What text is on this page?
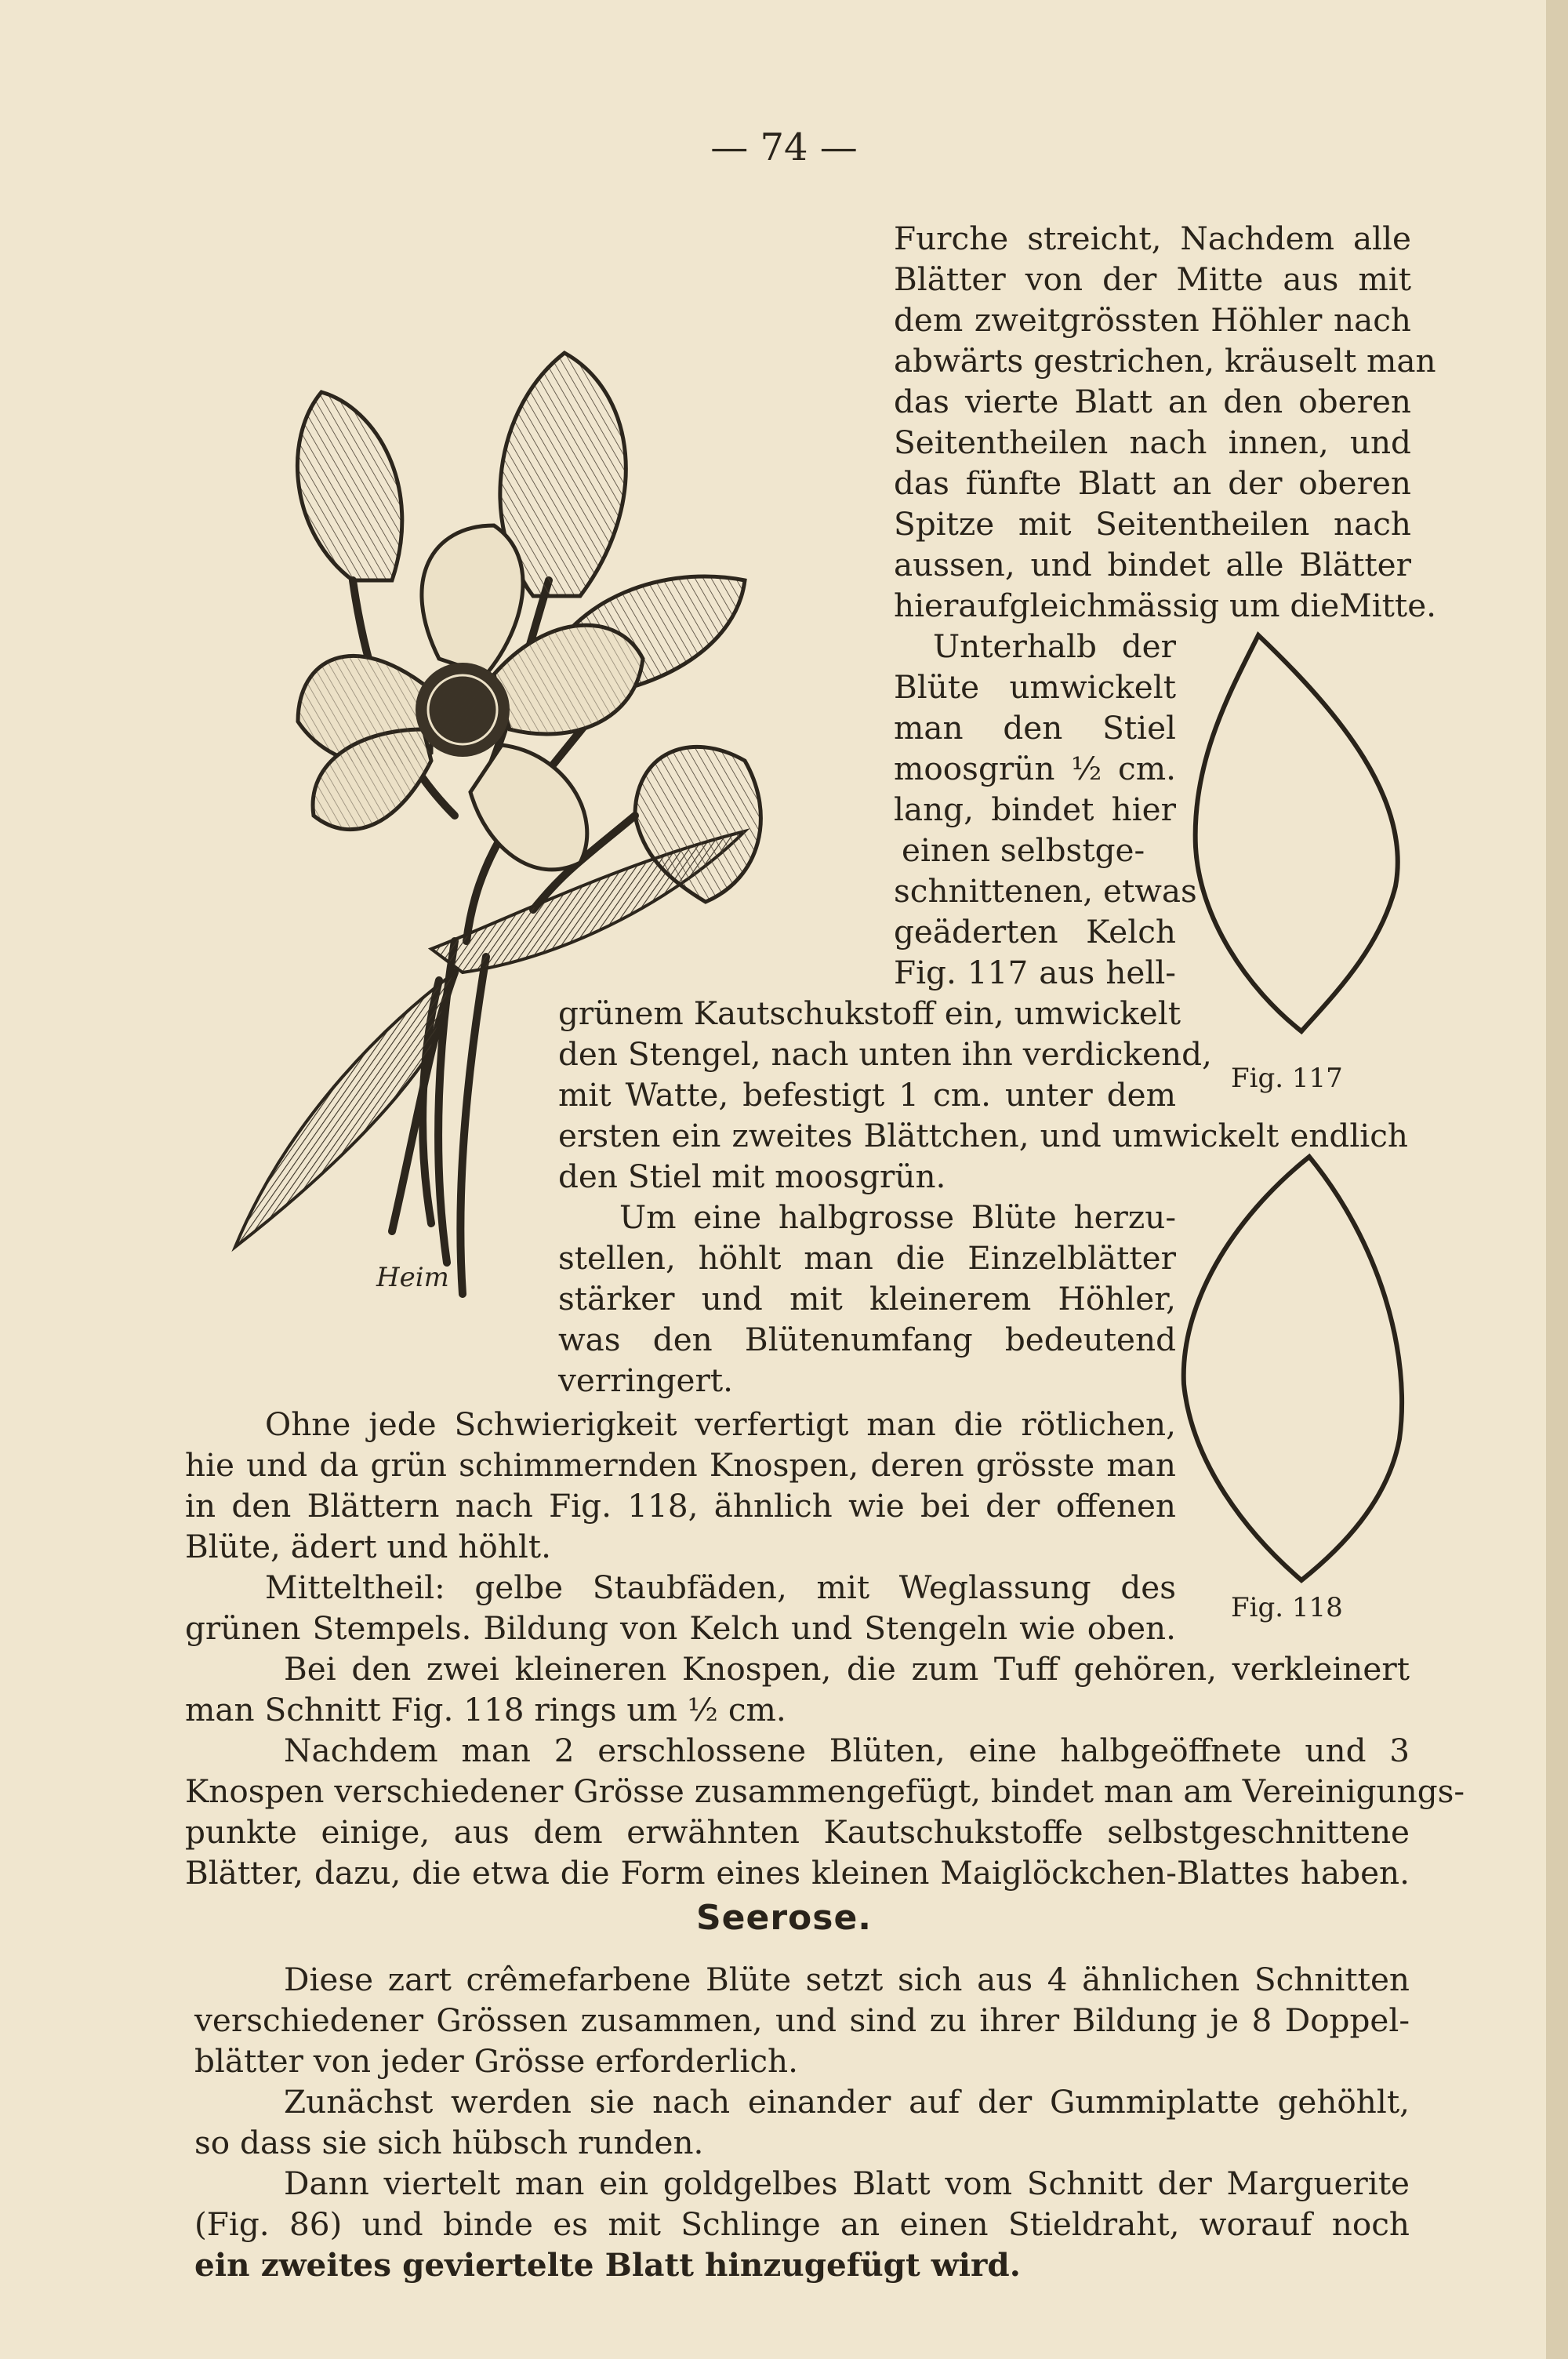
— 74 —
Heim
Furche streicht, Nachdem alle
Blätter von der Mitte aus mit
dem zweitgrössten Höhler nach
abwärts gestrichen, kräuselt man
das vierte Blatt an den oberen
Seitentheilen nach innen, und
das fünfte Blatt an der oberen
Spitze mit Seitentheilen nach
aussen, und bindet alle Blätter
hieraufgleichmässig um dieMitte.
Unterhalb der
Blüte umwickelt
man den Stiel
moosgrün ½ cm.
lang, bindet hier
einen selbstge-
schnittenen, etwas
geäderten Kelch
Fig. 117 aus hell-
grünem Kautschukstoff ein, umwickelt
den Stengel, nach unten ihn verdickend,
mit Watte, befestigt 1 cm. unter dem
ersten ein zweites Blättchen, und umwickelt endlich
den Stiel mit moosgrün.
Um eine halbgrosse Blüte herzu-
stellen, höhlt man die Einzelblätter
stärker und mit kleinerem Höhler,
was den Blütenumfang bedeutend
verringert.
Ohne jede Schwierigkeit verfertigt man die rötlichen,
hie und da grün schimmernden Knospen, deren grösste man
in den Blättern nach Fig. 118, ähnlich wie bei der offenen
Blüte, ädert und höhlt.
Mitteltheil: gelbe Staubfäden, mit Weglassung des
grünen Stempels. Bildung von Kelch und Stengeln wie oben.
Bei den zwei kleineren Knospen, die zum Tuff gehören, verkleinert
man Schnitt Fig. 118 rings um ½ cm.
Nachdem man 2 erschlossene Blüten, eine halbgeöffnete und 3
Knospen verschiedener Grösse zusammengefügt, bindet man am Vereinigungs-
punkte einige, aus dem erwähnten Kautschukstoffe selbstgeschnittene
Blätter, dazu, die etwa die Form eines kleinen Maiglöckchen-Blattes haben.
Seerose.
Diese zart crêmefarbene Blüte setzt sich aus 4 ähnlichen Schnitten
verschiedener Grössen zusammen, und sind zu ihrer Bildung je 8 Doppel-
blätter von jeder Grösse erforderlich.
Zunächst werden sie nach einander auf der Gummiplatte gehöhlt,
so dass sie sich hübsch runden.
Dann viertelt man ein goldgelbes Blatt vom Schnitt der Marguerite
(Fig. 86) und binde es mit Schlinge an einen Stieldraht, worauf noch
ein zweites geviertelte Blatt hinzugefügt wird.
Fig. 117
Fig. 118
